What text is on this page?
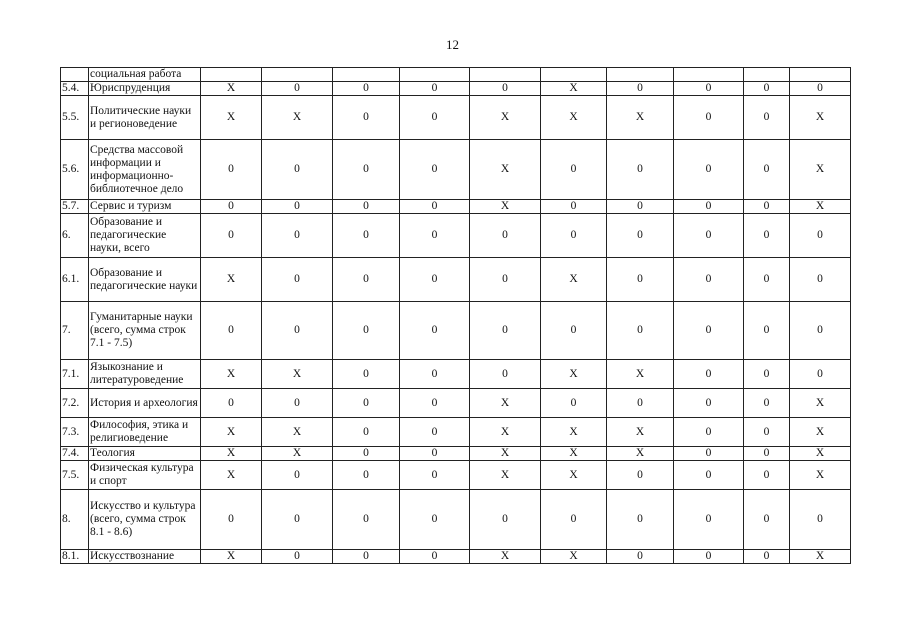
12
	социальная работа										
5.4.	Юриспруденция	X	0	0	0	0	X	0	0	0	0
5.5.	Политические науки и регионоведение	X	X	0	0	X	X	X	0	0	X
5.6.	Средства массовой информации и информационно-библиотечное дело	0	0	0	0	X	0	0	0	0	X
5.7.	Сервис и туризм	0	0	0	0	X	0	0	0	0	X
6.	Образование и педагогические науки, всего	0	0	0	0	0	0	0	0	0	0
6.1.	Образование и педагогические науки	X	0	0	0	0	X	0	0	0	0
7.	Гуманитарные науки (всего, сумма строк 7.1 - 7.5)	0	0	0	0	0	0	0	0	0	0
7.1.	Языкознание и литературоведение	X	X	0	0	0	X	X	0	0	0
7.2.	История и археология	0	0	0	0	X	0	0	0	0	X
7.3.	Философия, этика и религиоведение	X	X	0	0	X	X	X	0	0	X
7.4.	Теология	X	X	0	0	X	X	X	0	0	X
7.5.	Физическая культура и спорт	X	0	0	0	X	X	0	0	0	X
8.	Искусство и культура (всего, сумма строк 8.1 - 8.6)	0	0	0	0	0	0	0	0	0	0
8.1.	Искусствознание	X	0	0	0	X	X	0	0	0	X
